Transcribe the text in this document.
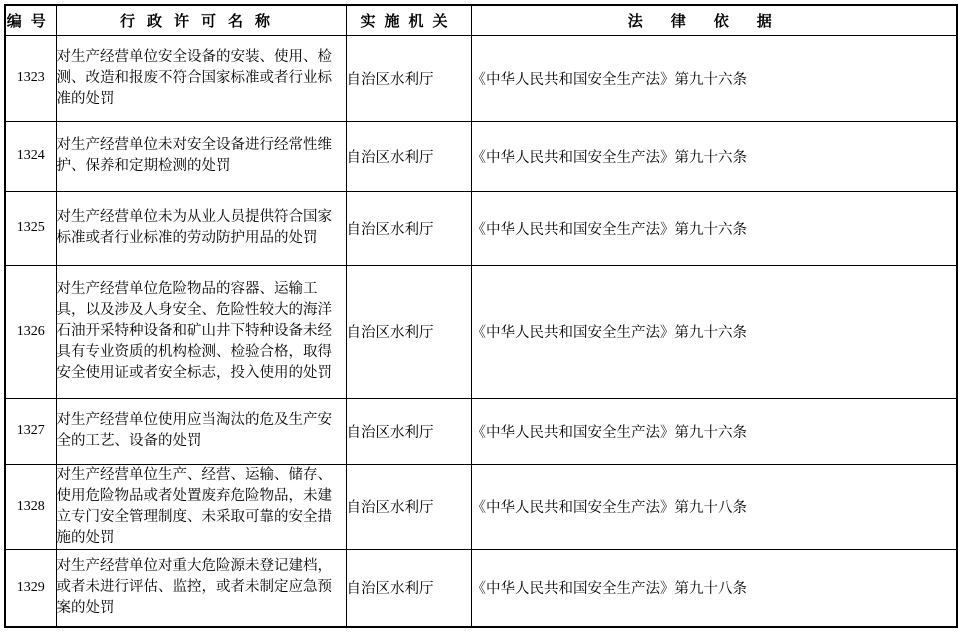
编号	行政许可名称	实施机关	法律依据
1323	对生产经营单位安全设备的安装、使用、检测、改造和报废不符合国家标准或者行业标准的处罚	自治区水利厅	《中华人民共和国安全生产法》第九十六条
1324	对生产经营单位未对安全设备进行经常性维护、保养和定期检测的处罚	自治区水利厅	《中华人民共和国安全生产法》第九十六条
1325	对生产经营单位未为从业人员提供符合国家标准或者行业标准的劳动防护用品的处罚	自治区水利厅	《中华人民共和国安全生产法》第九十六条
1326	对生产经营单位危险物品的容器、运输工具，以及涉及人身安全、危险性较大的海洋石油开采特种设备和矿山井下特种设备未经具有专业资质的机构检测、检验合格，取得安全使用证或者安全标志，投入使用的处罚	自治区水利厅	《中华人民共和国安全生产法》第九十六条
1327	对生产经营单位使用应当淘汰的危及生产安全的工艺、设备的处罚	自治区水利厅	《中华人民共和国安全生产法》第九十六条
1328	对生产经营单位生产、经营、运输、储存、使用危险物品或者处置废弃危险物品，未建立专门安全管理制度、未采取可靠的安全措施的处罚	自治区水利厅	《中华人民共和国安全生产法》第九十八条
1329	对生产经营单位对重大危险源未登记建档，或者未进行评估、监控，或者未制定应急预案的处罚	自治区水利厅	《中华人民共和国安全生产法》第九十八条
